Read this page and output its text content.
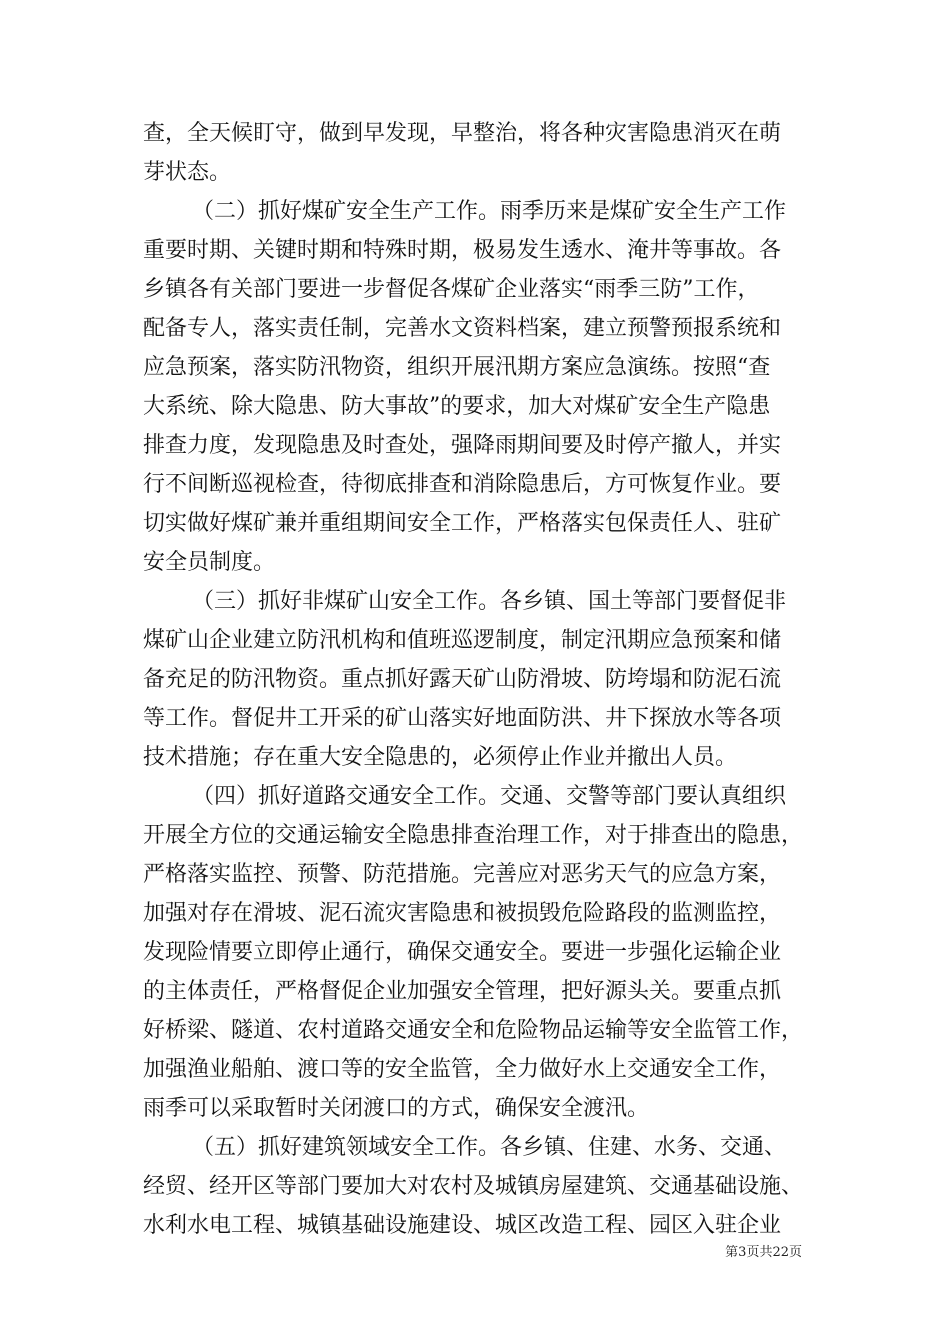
查，全天候盯守，做到早发现，早整治，将各种灾害隐患消灭在萌
芽状态。
（二）抓好煤矿安全生产工作。雨季历来是煤矿安全生产工作
重要时期、关键时期和特殊时期，极易发生透水、淹井等事故。各
乡镇各有关部门要进一步督促各煤矿企业落实“雨季三防”工作，
配备专人，落实责任制，完善水文资料档案，建立预警预报系统和
应急预案，落实防汛物资，组织开展汛期方案应急演练。按照“查
大系统、除大隐患、防大事故”的要求，加大对煤矿安全生产隐患
排查力度，发现隐患及时查处，强降雨期间要及时停产撤人，并实
行不间断巡视检查，待彻底排查和消除隐患后，方可恢复作业。要
切实做好煤矿兼并重组期间安全工作，严格落实包保责任人、驻矿
安全员制度。
（三）抓好非煤矿山安全工作。各乡镇、国土等部门要督促非
煤矿山企业建立防汛机构和值班巡逻制度，制定汛期应急预案和储
备充足的防汛物资。重点抓好露天矿山防滑坡、防垮塌和防泥石流
等工作。督促井工开采的矿山落实好地面防洪、井下探放水等各项
技术措施；存在重大安全隐患的，必须停止作业并撤出人员。
（四）抓好道路交通安全工作。交通、交警等部门要认真组织
开展全方位的交通运输安全隐患排查治理工作，对于排查出的隐患，
严格落实监控、预警、防范措施。完善应对恶劣天气的应急方案，
加强对存在滑坡、泥石流灾害隐患和被损毁危险路段的监测监控，
发现险情要立即停止通行，确保交通安全。要进一步强化运输企业
的主体责任，严格督促企业加强安全管理，把好源头关。要重点抓
好桥梁、隧道、农村道路交通安全和危险物品运输等安全监管工作，
加强渔业船舶、渡口等的安全监管，全力做好水上交通安全工作，
雨季可以采取暂时关闭渡口的方式，确保安全渡汛。
（五）抓好建筑领域安全工作。各乡镇、住建、水务、交通、
经贸、经开区等部门要加大对农村及城镇房屋建筑、交通基础设施、
水利水电工程、城镇基础设施建设、城区改造工程、园区入驻企业
第3页共22页
